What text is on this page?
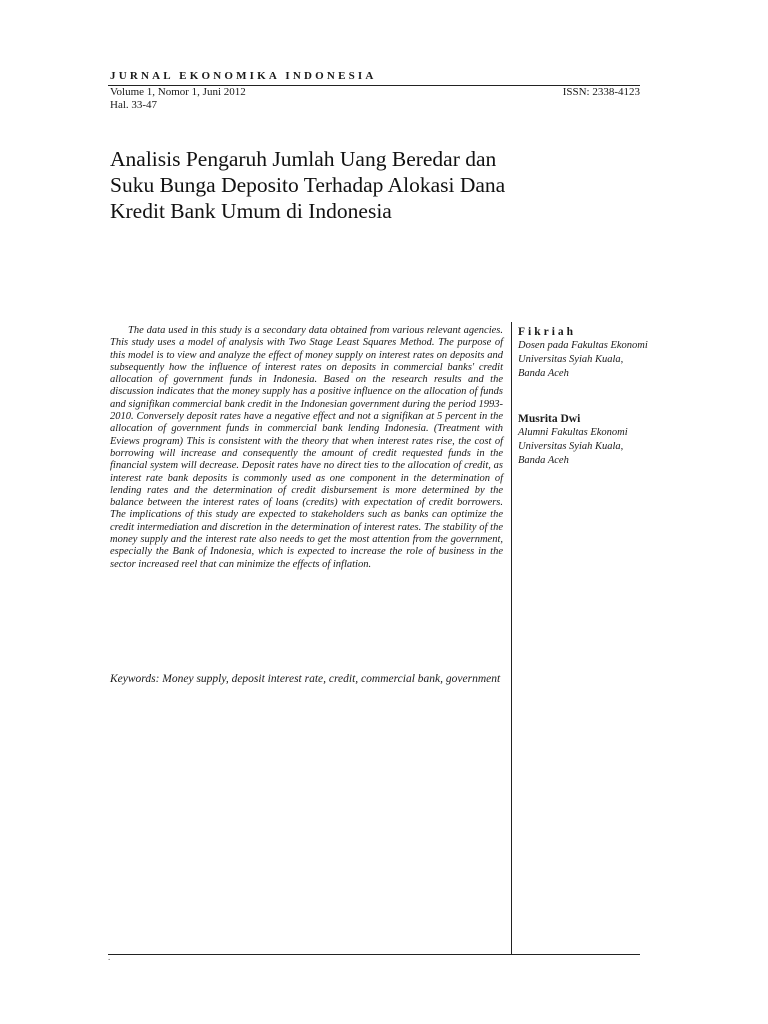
JURNAL EKONOMIKA INDONESIA
Volume 1, Nomor 1, Juni 2012	ISSN: 2338-4123
Hal. 33-47
Analisis Pengaruh Jumlah Uang Beredar dan
Suku Bunga Deposito Terhadap Alokasi Dana
Kredit Bank Umum di Indonesia

The data used in this study is a secondary data obtained from various relevant agencies. This study uses a model of analysis with Two Stage Least Squares Method. The purpose of this model is to view and analyze the effect of money supply on interest rates on deposits and subsequently how the influence of interest rates on deposits in commercial banks' credit allocation of government funds in Indonesia. Based on the research results and the discussion indicates that the money supply has a positive influence on the allocation of funds and signifikan commercial bank credit in the Indonesian government during the period 1993-2010. Conversely deposit rates have a negative effect and not a signifikan at 5 percent in the allocation of government funds in commercial bank lending Indonesia. (Treatment with Eviews program) This is consistent with the theory that when interest rates rise, the cost of borrowing will increase and consequently the amount of credit requested funds in the financial system will decrease. Deposit rates have no direct ties to the allocation of credit, as interest rate bank deposits is commonly used as one component in the determination of lending rates and the determination of credit disbursement is more determined by the balance between the interest rates of loans (credits) with expectation of credit borrowers. The implications of this study are expected to stakeholders such as banks can optimize the credit intermediation and discretion in the determination of interest rates. The stability of the money supply and the interest rate also needs to get the most attention from the government, especially the Bank of Indonesia, which is expected to increase the role of business in the sector increased reel that can minimize the effects of inflation.

Keywords: Money supply, deposit interest rate, credit, commercial bank, government
Fikriah
Dosen pada Fakultas Ekonomi
Universitas Syiah Kuala,
Banda Aceh
Musrita Dwi
Alumni Fakultas Ekonomi
Universitas Syiah Kuala,
Banda Aceh
.
